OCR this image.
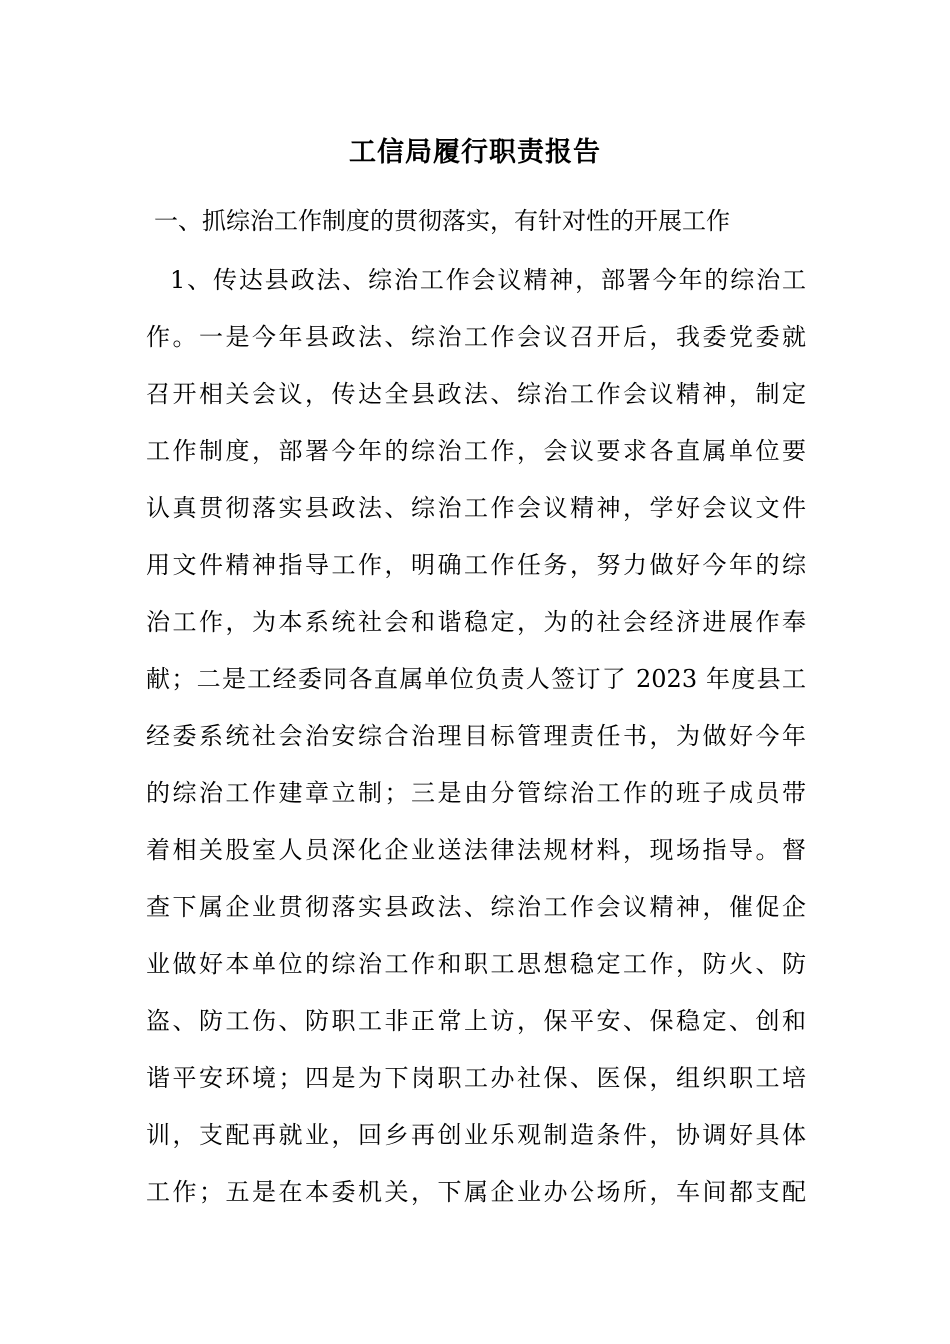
工信局履行职责报告
一、抓综治工作制度的贯彻落实，有针对性的开展工作
1、传达县政法、综治工作会议精神，部署今年的综治工
作。一是今年县政法、综治工作会议召开后，我委党委就
召开相关会议，传达全县政法、综治工作会议精神，制定
工作制度，部署今年的综治工作，会议要求各直属单位要
认真贯彻落实县政法、综治工作会议精神，学好会议文件
用文件精神指导工作，明确工作任务，努力做好今年的综
治工作，为本系统社会和谐稳定，为的社会经济进展作奉
献；二是工经委同各直属单位负责人签订了 2023 年度县工
经委系统社会治安综合治理目标管理责任书，为做好今年
的综治工作建章立制；三是由分管综治工作的班子成员带
着相关股室人员深化企业送法律法规材料，现场指导。督
查下属企业贯彻落实县政法、综治工作会议精神，催促企
业做好本单位的综治工作和职工思想稳定工作，防火、防
盗、防工伤、防职工非正常上访，保平安、保稳定、创和
谐平安环境；四是为下岗职工办社保、医保，组织职工培
训，支配再就业，回乡再创业乐观制造条件，协调好具体
工作；五是在本委机关，下属企业办公场所，车间都支配
